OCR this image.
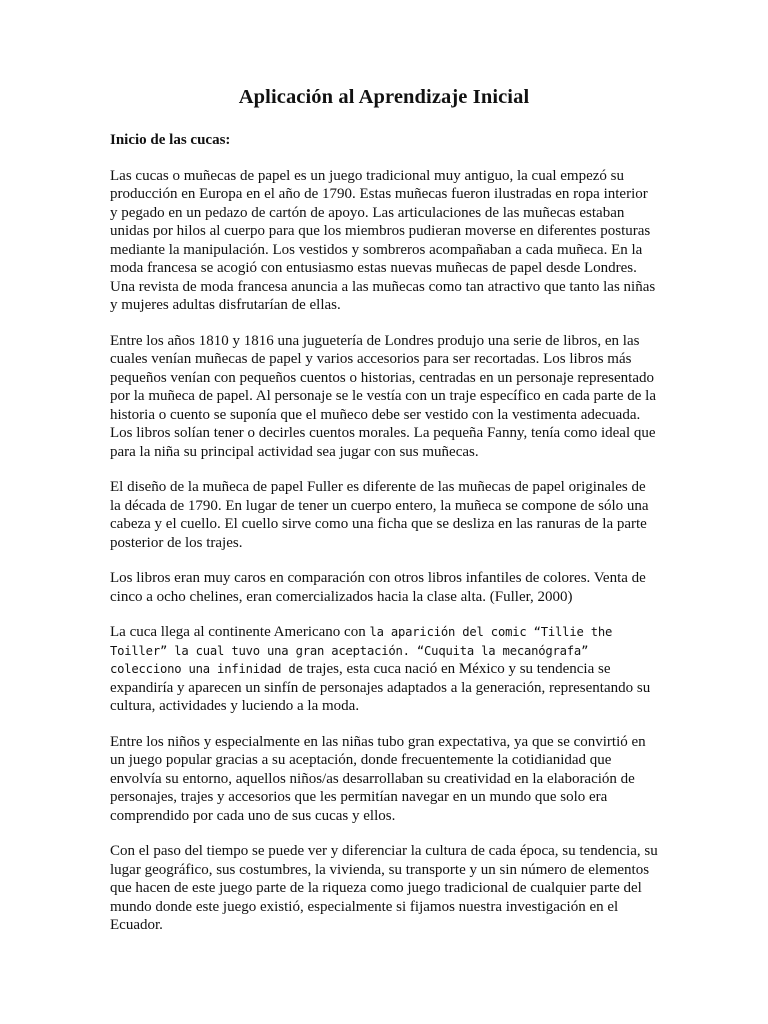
Aplicación al Aprendizaje Inicial

Inicio de las cucas:

Las cucas o muñecas de papel es un juego tradicional muy antiguo, la cual empezó su producción en Europa en el año de 1790. Estas muñecas fueron ilustradas en ropa interior y pegado en un pedazo de cartón de apoyo. Las articulaciones de las muñecas estaban unidas por hilos al cuerpo para que los miembros pudieran moverse en diferentes posturas mediante la manipulación. Los vestidos y sombreros acompañaban a cada muñeca. En la moda francesa se acogió con entusiasmo estas nuevas muñecas de papel desde Londres. Una revista de moda francesa anuncia a las muñecas como tan atractivo que tanto las niñas y mujeres adultas disfrutarían de ellas.

Entre los años 1810 y 1816 una juguetería de Londres produjo una serie de libros, en las cuales venían muñecas de papel y varios accesorios para ser recortadas. Los libros más pequeños venían con pequeños cuentos o historias, centradas en un personaje representado por la muñeca de papel. Al personaje se le vestía con un traje específico en cada parte de la historia o cuento se suponía que el muñeco debe ser vestido con la vestimenta adecuada. Los libros solían tener o decirles cuentos morales. La pequeña Fanny, tenía como ideal que para la niña su principal actividad sea jugar con sus muñecas.

El diseño de la muñeca de papel Fuller es diferente de las muñecas de papel originales de la década de 1790. En lugar de tener un cuerpo entero, la muñeca se compone de sólo una cabeza y el cuello. El cuello sirve como una ficha que se desliza en las ranuras de la parte posterior de los trajes.

Los libros eran muy caros en comparación con otros libros infantiles de colores. Venta de cinco a ocho chelines, eran comercializados hacia la clase alta. (Fuller, 2000)

La cuca llega al continente Americano con la aparición del comic “Tillie the Toiller” la cual tuvo una gran aceptación. “Cuquita la mecanógrafa” colecciono una infinidad de trajes, esta cuca nació en México y su tendencia se expandiría y aparecen un sinfín de personajes adaptados a la generación, representando su cultura, actividades y luciendo a la moda.

Entre los niños y especialmente en las niñas tubo gran expectativa, ya que se convirtió en un juego popular gracias a su aceptación, donde frecuentemente la cotidianidad que envolvía su entorno, aquellos niños/as desarrollaban su creatividad en la elaboración de personajes, trajes y accesorios que les permitían navegar en un mundo que solo era comprendido por cada uno de sus cucas y ellos.

Con el paso del tiempo se puede ver y diferenciar la cultura de cada época, su tendencia, su lugar geográfico, sus costumbres, la vivienda, su transporte y un sin número de elementos que hacen de este juego parte de la riqueza como juego tradicional de cualquier parte del mundo donde este juego existió, especialmente si fijamos nuestra investigación en el Ecuador.
